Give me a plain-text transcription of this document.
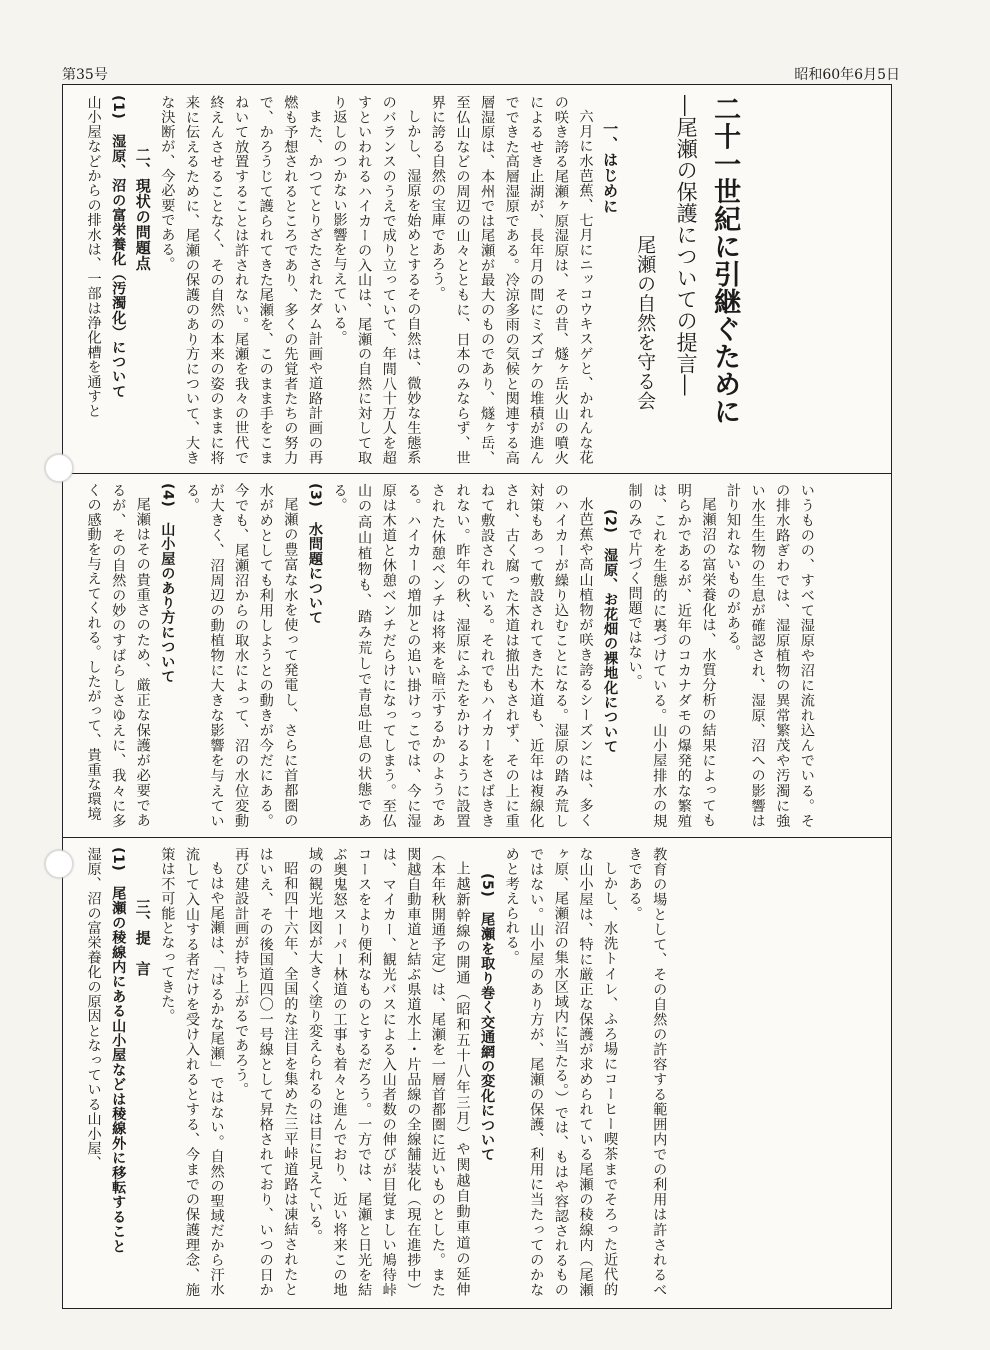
第35号	昭和60年6月5日

二十一世紀に引継ぐために

―尾瀬の保護についての提言―

尾瀬の自然を守る会

一、はじめに

六月に水芭蕉、七月にニッコウキスゲと、かれんな花の咲き誇る尾瀬ヶ原湿原は、その昔、燧ヶ岳火山の噴火によるせき止湖が、長年月の間にミズゴケの堆積が進んでできた高層湿原である。冷涼多雨の気候と関連する高層湿原は、本州では尾瀬が最大のものであり、燧ヶ岳、至仏山などの周辺の山々とともに、日本のみならず、世界に誇る自然の宝庫であろう。

しかし、湿原を始めとするその自然は、微妙な生態系のバランスのうえで成り立っていて、年間八十万人を超すといわれるハイカーの入山は、尾瀬の自然に対して取り返しのつかない影響を与えている。

また、かつてとりざたされたダム計画や道路計画の再燃も予想されるところであり、多くの先覚者たちの努力で、かろうじて護られてきた尾瀬を、このまま手をこまねいて放置することは許されない。尾瀬を我々の世代で終えんさせることなく、その自然の本来の姿のままに将来に伝えるために、尾瀬の保護のあり方について、大きな決断が、今必要である。

二、現状の問題点

(1)　湿原、沼の富栄養化（汚濁化）について

山小屋などからの排水は、一部は浄化槽を通すと

いうものの、すべて湿原や沼に流れ込んでいる。その排水路ぎわでは、湿原植物の異常繁茂や汚濁に強い水生生物の生息が確認され、湿原、沼への影響は計り知れないものがある。

尾瀬沼の富栄養化は、水質分析の結果によっても明らかであるが、近年のコカナダモの爆発的な繁殖は、これを生態的に裏づけている。山小屋排水の規制のみで片づく問題ではない。

(2)　湿原、お花畑の裸地化について

水芭蕉や高山植物が咲き誇るシーズンには、多くのハイカーが繰り込むことになる。湿原の踏み荒し対策もあって敷設されてきた木道も、近年は複線化され、古く腐った木道は撤出もされず、その上に重ねて敷設されている。それでもハイカーをさばききれない。昨年の秋、湿原にふたをかけるように設置された休憩ベンチは将来を暗示するかのようである。ハイカーの増加との追い掛けっこでは、今に湿原は木道と休憩ベンチだらけになってしまう。至仏山の高山植物も、踏み荒しで青息吐息の状態である。

(3)　水問題について

尾瀬の豊富な水を使って発電し、さらに首都圏の水がめとしても利用しようとの動きが今だにある。今でも、尾瀬沼からの取水によって、沼の水位変動が大きく、沼周辺の動植物に大きな影響を与えている。

(4)　山小屋のあり方について

尾瀬はその貴重さのため、厳正な保護が必要であるが、その自然の妙のすばらしさゆえに、我々に多くの感動を与えてくれる。したがって、貴重な環境

教育の場として、その自然の許容する範囲内での利用は許されるべきである。

しかし、水洗トイレ、ふろ場にコーヒー喫茶までそろった近代的な山小屋は、特に厳正な保護が求められている尾瀬の稜線内（尾瀬ヶ原、尾瀬沼の集水区域内に当たる。）では、もはや容認されるものではない。山小屋のあり方が、尾瀬の保護、利用に当たってのかなめと考えられる。

(5)　尾瀬を取り巻く交通網の変化について

上越新幹線の開通（昭和五十八年三月）や関越自動車道の延伸（本年秋開通予定）は、尾瀬を一層首都圏に近いものとした。また関越自動車道と結ぶ県道水上・片品線の全線舗装化（現在進捗中）は、マイカー、観光バスによる入山者数の伸びが目覚ましい鳩待峠コースをより便利なものとするだろう。一方では、尾瀬と日光を結ぶ奥鬼怒スーパー林道の工事も着々と進んでおり、近い将来この地域の観光地図が大きく塗り変えられるのは目に見えている。

昭和四十六年、全国的な注目を集めた三平峠道路は凍結されたとはいえ、その後国道四〇一号線として昇格されており、いつの日か再び建設計画が持ち上がるであろう。

もはや尾瀬は、「はるかな尾瀬」ではない。自然の聖域だから汗水流して入山する者だけを受け入れるとする、今までの保護理念、施策は不可能となってきた。

三、提　言

(1)　尾瀬の稜線内にある山小屋などは稜線外に移転すること

湿原、沼の富栄養化の原因となっている山小屋、
